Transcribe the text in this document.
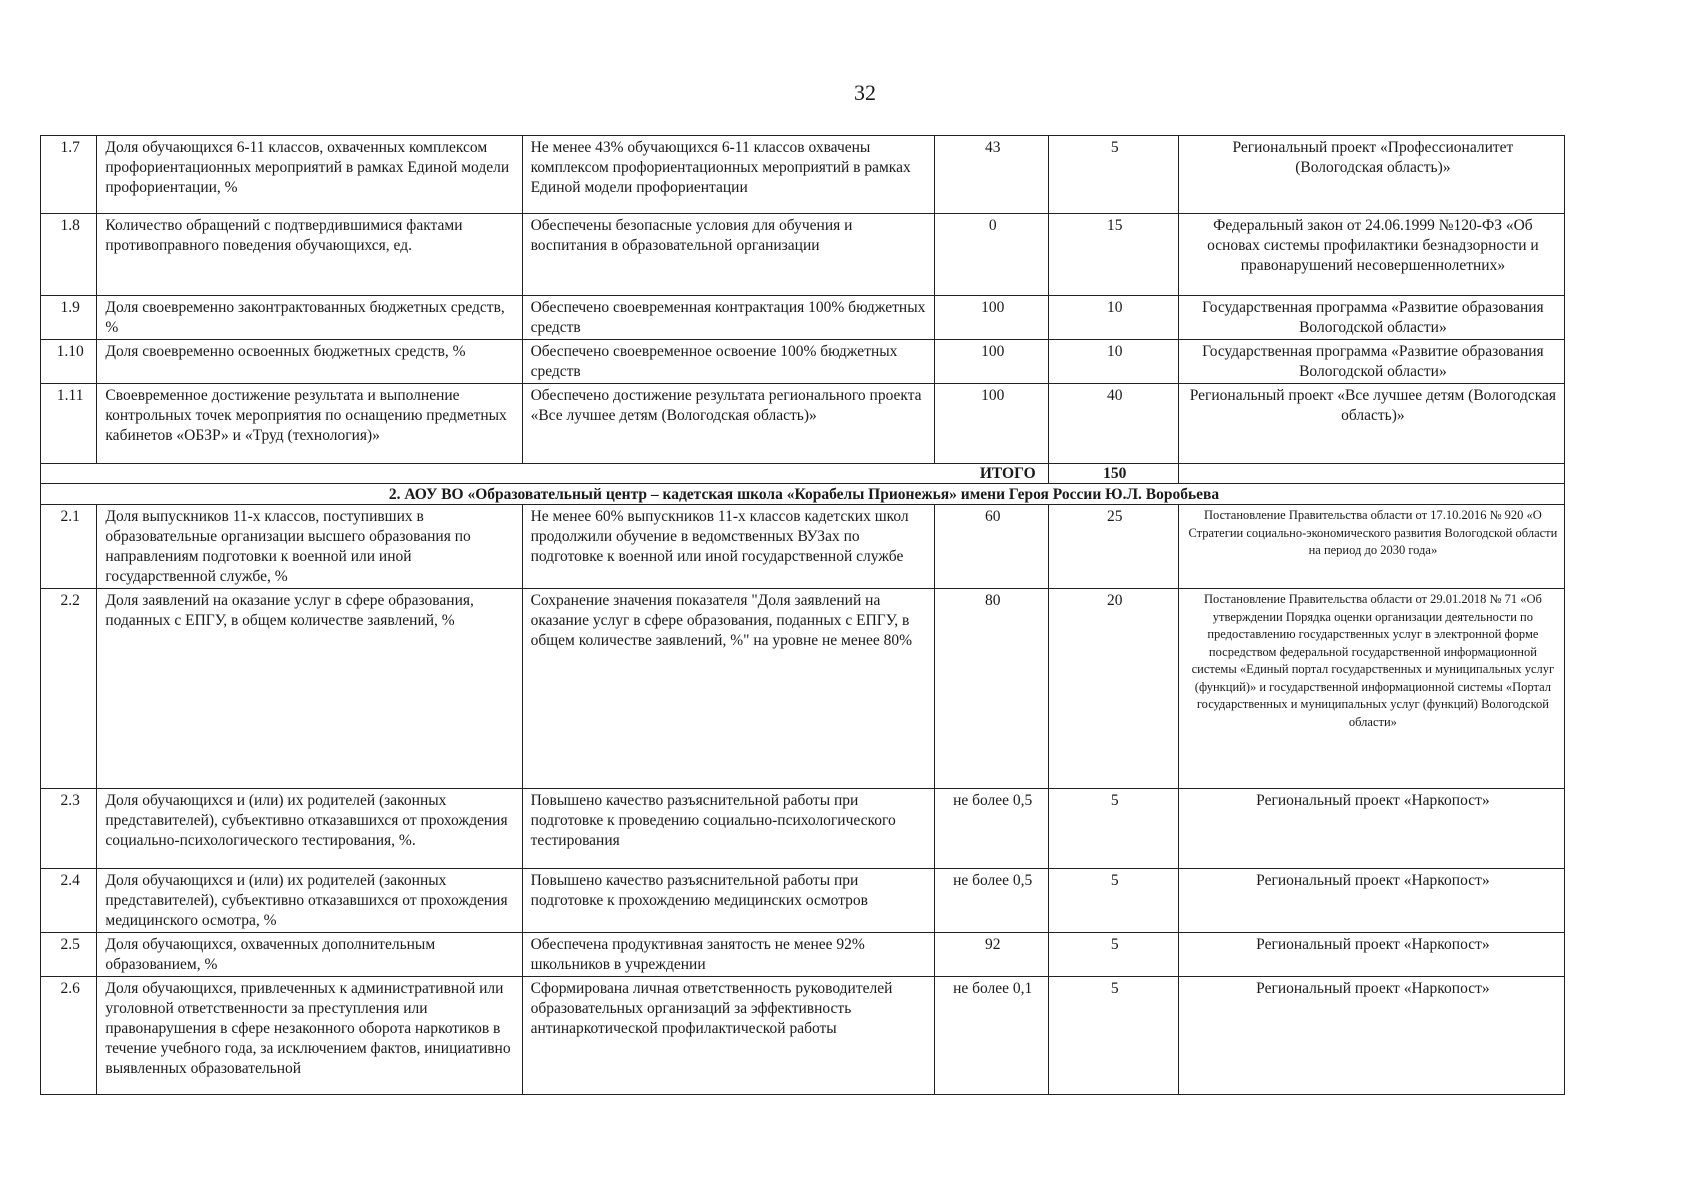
32
1.7	Доля обучающихся 6-11 классов, охваченных комплексом профориентационных мероприятий в рамках Единой модели профориентации, %	Не менее 43% обучающихся 6-11 классов охвачены комплексом профориентационных мероприятий в рамках Единой модели профориентации	43	5	Региональный проект «Профессионалитет (Вологодская область)»
1.8	Количество обращений с подтвердившимися фактами противоправного поведения обучающихся, ед.	Обеспечены безопасные условия для обучения и воспитания в образовательной организации	0	15	Федеральный закон от 24.06.1999 №120-ФЗ «Об основах системы профилактики безнадзорности и правонарушений несовершеннолетних»
1.9	Доля своевременно законтрактованных бюджетных средств, %	Обеспечено своевременная контрактация 100% бюджетных средств	100	10	Государственная программа «Развитие образования Вологодской области»
1.10	Доля своевременно освоенных бюджетных средств, %	Обеспечено своевременное освоение 100% бюджетных средств	100	10	Государственная программа «Развитие образования Вологодской области»
1.11	Своевременное достижение результата и выполнение контрольных точек мероприятия по оснащению предметных кабинетов «ОБЗР» и «Труд (технология)»	Обеспечено достижение результата регионального проекта «Все лучшее детям (Вологодская область)»	100	40	Региональный проект «Все лучшее детям (Вологодская область)»
ИТОГО				150	
2. АОУ ВО «Образовательный центр – кадетская школа «Корабелы Прионежья» имени Героя России Ю.Л. Воробьева					
2.1	Доля выпускников 11-х классов, поступивших в образовательные организации высшего образования по направлениям подготовки к военной или иной государственной службе, %	Не менее 60% выпускников 11-х классов кадетских школ продолжили обучение в ведомственных ВУЗах по подготовке к военной или иной государственной службе	60	25	Постановление Правительства области от 17.10.2016 № 920 «О Стратегии социально-экономического развития Вологодской области на период до 2030 года»
2.2	Доля заявлений на оказание услуг в сфере образования, поданных с ЕПГУ, в общем количестве заявлений, %	Сохранение значения показателя "Доля заявлений на оказание услуг в сфере образования, поданных с ЕПГУ, в общем количестве заявлений, %" на уровне не менее 80%	80	20	Постановление Правительства области от 29.01.2018 № 71 «Об утверждении Порядка оценки организации деятельности по предоставлению государственных услуг в электронной форме посредством федеральной государственной информационной системы «Единый портал государственных и муниципальных услуг (функций)» и государственной информационной системы «Портал государственных и муниципальных услуг (функций) Вологодской области»
2.3	Доля обучающихся и (или) их родителей (законных представителей), субъективно отказавшихся от прохождения социально-психологического тестирования, %.	Повышено качество разъяснительной работы при подготовке к проведению социально-психологического тестирования	не более 0,5	5	Региональный проект «Наркопост»
2.4	Доля обучающихся и (или) их родителей (законных представителей), субъективно отказавшихся от прохождения медицинского осмотра, %	Повышено качество разъяснительной работы при подготовке к прохождению медицинских осмотров	не более 0,5	5	Региональный проект «Наркопост»
2.5	Доля обучающихся, охваченных дополнительным образованием, %	Обеспечена продуктивная занятость не менее 92% школьников в учреждении	92	5	Региональный проект «Наркопост»
2.6	Доля обучающихся, привлеченных к административной или уголовной ответственности за преступления или правонарушения в сфере незаконного оборота наркотиков в течение учебного года, за исключением фактов, инициативно выявленных образовательной	Сформирована личная ответственность руководителей образовательных организаций за эффективность антинаркотической профилактической работы	не более 0,1	5	Региональный проект «Наркопост»
